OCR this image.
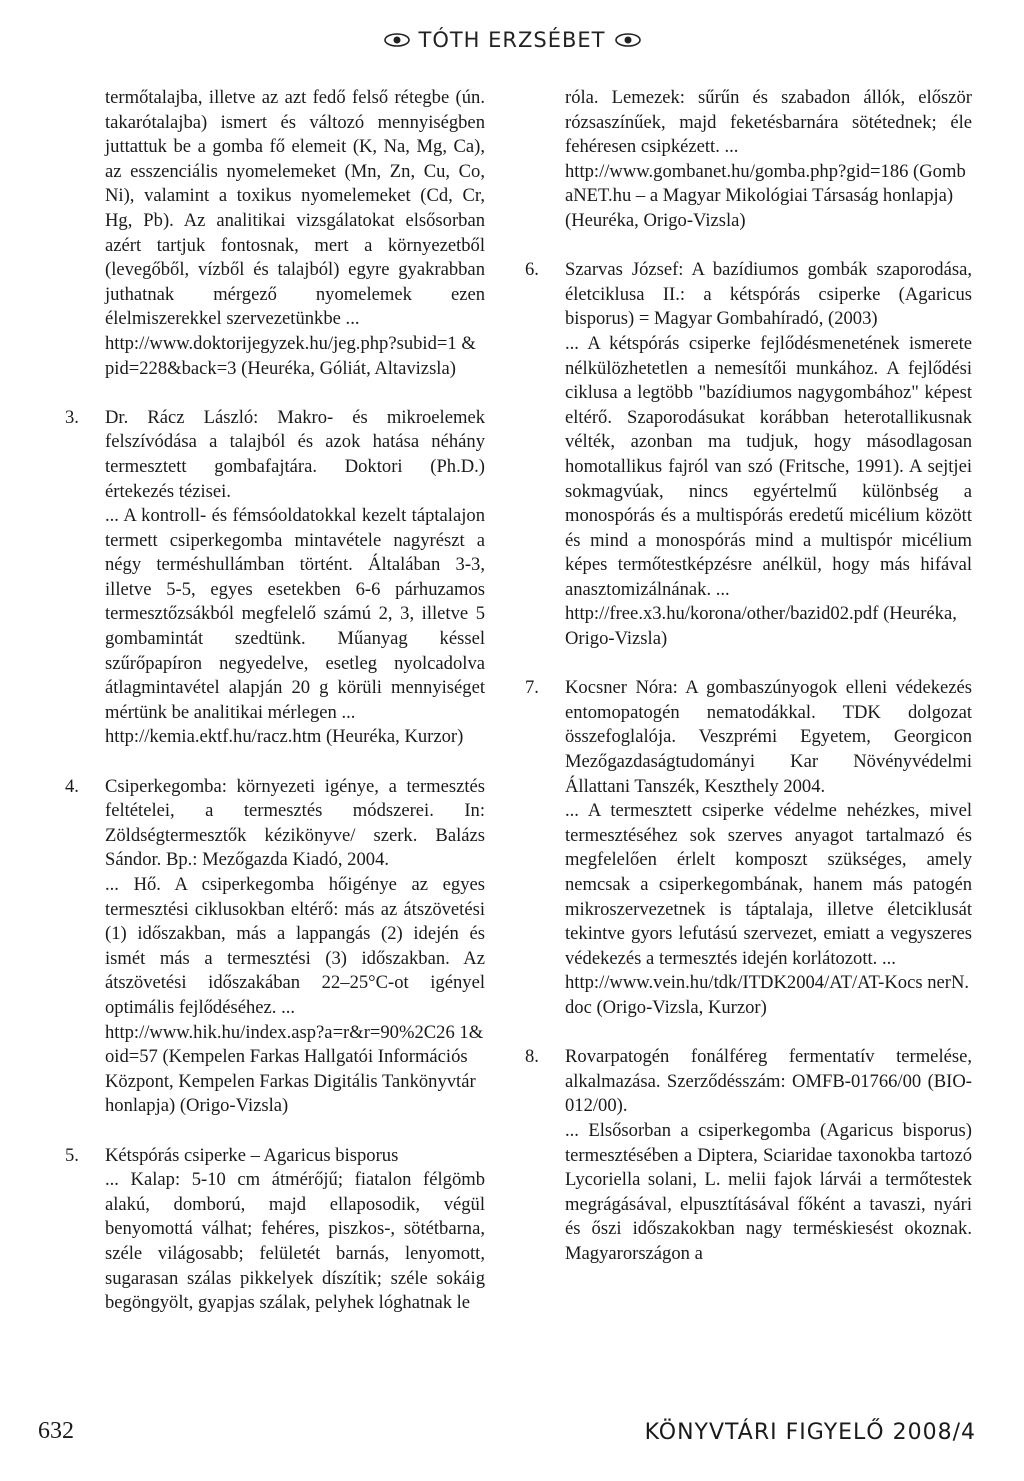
TÓTH ERZSÉBET

termőtalajba, illetve az azt fedő felső rétegbe (ún. takarótalajba) ismert és változó mennyiségben juttattuk be a gomba fő elemeit (K, Na, Mg, Ca), az esszenciális nyomelemeket (Mn, Zn, Cu, Co, Ni), valamint a toxikus nyomelemeket (Cd, Cr, Hg, Pb). Az analitikai vizsgálatokat elsősorban azért tartjuk fontosnak, mert a környezetből (levegőből, vízből és talajból) egyre gyakrabban juthatnak mérgező nyomelemek ezen élelmiszerekkel szervezetünkbe ...

http://www.doktorijegyzek.hu/jeg.php?subid=1 &pid=228&back=3 (Heuréka, Góliát, Altavizsla)

3.	Dr. Rácz László: Makro- és mikroelemek felszívódása a talajból és azok hatása néhány termesztett gombafajtára. Doktori (Ph.D.) értekezés tézisei.

... A kontroll- és fémsóoldatokkal kezelt táptalajon termett csiperkegomba mintavétele nagyrészt a négy terméshullámban történt. Általában 3-3, illetve 5-5, egyes esetekben 6-6 párhuzamos termesztőzsákból megfelelő számú 2, 3, illetve 5 gombamintát szedtünk. Műanyag késsel szűrőpapíron negyedelve, esetleg nyolcadolva átlagmintavétel alapján 20 g körüli mennyiséget mértünk be analitikai mérlegen ...

http://kemia.ektf.hu/racz.htm (Heuréka, Kurzor)

4.	Csiperkegomba: környezeti igénye, a termesztés feltételei, a termesztés módszerei. In: Zöldségtermesztők kézikönyve/ szerk. Balázs Sándor. Bp.: Mezőgazda Kiadó, 2004.

... Hő. A csiperkegomba hőigénye az egyes termesztési ciklusokban eltérő: más az átszövetési (1) időszakban, más a lappangás (2) idején és ismét más a termesztési (3) időszakban. Az átszövetési időszakában 22–25°C-ot igényel optimális fejlődéséhez. ...

http://www.hik.hu/index.asp?a=r&r=90%2C26 1&oid=57 (Kempelen Farkas Hallgatói Információs Központ, Kempelen Farkas Digitális Tankönyvtár honlapja) (Origo-Vizsla)

5.	Kétspórás csiperke – Agaricus bisporus

... Kalap: 5-10 cm átmérőjű; fiatalon félgömb alakú, domború, majd ellaposodik, végül benyomottá válhat; fehéres, piszkos-, sötétbarna, széle világosabb; felületét barnás, lenyomott, sugarasan szálas pikkelyek díszítik; széle sokáig begöngyölt, gyapjas szálak, pelyhek lóghatnak le

róla. Lemezek: sűrűn és szabadon állók, először rózsaszínűek, majd feketésbarnára sötétednek; éle fehéresen csipkézett. ...

http://www.gombanet.hu/gomba.php?gid=186 (GombaNET.hu – a Magyar Mikológiai Társaság honlapja) (Heuréka, Origo-Vizsla)

6.	Szarvas József: A bazídiumos gombák szaporodása, életciklusa II.: a kétspórás csiperke (Agaricus bisporus) = Magyar Gombahíradó, (2003)

... A kétspórás csiperke fejlődésmenetének ismerete nélkülözhetetlen a nemesítői munkához. A fejlődési ciklusa a legtöbb "bazídiumos nagygombához" képest eltérő. Szaporodásukat korábban heterotallikusnak vélték, azonban ma tudjuk, hogy másodlagosan homotallikus fajról van szó (Fritsche, 1991). A sejtjei sokmagvúak, nincs egyértelmű különbség a monospórás és a multispórás eredetű micélium között és mind a monospórás mind a multispór micélium képes termőtestképzésre anélkül, hogy más hifával anasztomizálnának. ...

http://free.x3.hu/korona/other/bazid02.pdf (Heuréka, Origo-Vizsla)

7.	Kocsner Nóra: A gombaszúnyogok elleni védekezés entomopatogén nematodákkal. TDK dolgozat összefoglalója. Veszprémi Egyetem, Georgicon Mezőgazdaságtudományi Kar Növényvédelmi Állattani Tanszék, Keszthely 2004.

... A termesztett csiperke védelme nehézkes, mivel termesztéséhez sok szerves anyagot tartalmazó és megfelelően érlelt komposzt szükséges, amely nemcsak a csiperkegombának, hanem más patogén mikroszervezetnek is táptalaja, illetve életciklusát tekintve gyors lefutású szervezet, emiatt a vegyszeres védekezés a termesztés idején korlátozott. ...

http://www.vein.hu/tdk/ITDK2004/AT/AT-Kocs nerN.doc (Origo-Vizsla, Kurzor)

8.	Rovarpatogén fonálféreg fermentatív termelése, alkalmazása. Szerződésszám: OMFB-01766/00 (BIO-012/00).

... Elsősorban a csiperkegomba (Agaricus bisporus) termesztésében a Diptera, Sciaridae taxonokba tartozó Lycoriella solani, L. melii fajok lárvái a termőtestek megrágásával, elpusztításával főként a tavaszi, nyári és őszi időszakokban nagy terméskiesést okoznak. Magyarországon a

632	KÖNYVTÁRI FIGYELŐ 2008/4
